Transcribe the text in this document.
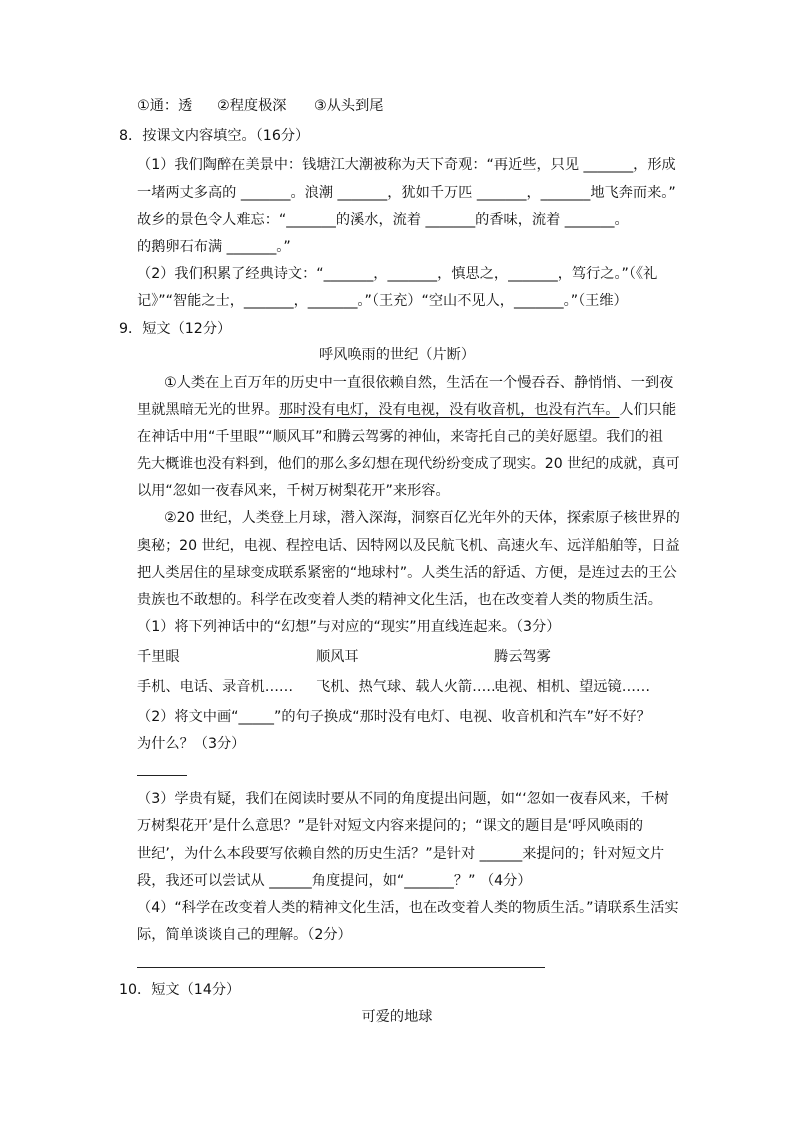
①通：透 ②程度极深 ③从头到尾
8．按课文内容填空。（16分）
（1）我们陶醉在美景中：钱塘江大潮被称为天下奇观：“再近些，只见 _______，形成
一堵两丈多高的 _______。浪潮 _______，犹如千万匹 _______，_______地飞奔而来。”
故乡的景色令人难忘：“_______的溪水，流着 _______的香味，流着 _______。
的鹅卵石布满 _______。”
（2）我们积累了经典诗文：“_______，_______，慎思之，_______，笃行之。”（《礼
记》”“智能之士，_______，_______。”（王充）“空山不见人，_______。”（王维）
9．短文（12分）
呼风唤雨的世纪（片断）
①人类在上百万年的历史中一直很依赖自然，生活在一个慢吞吞、静悄悄、一到夜
里就黑暗无光的世界。那时没有电灯，没有电视，没有收音机，也没有汽车。人们只能
在神话中用“千里眼”“顺风耳”和腾云驾雾的神仙，来寄托自己的美好愿望。我们的祖
先大概谁也没有料到，他们的那么多幻想在现代纷纷变成了现实。20 世纪的成就，真可
以用“忽如一夜春风来，千树万树梨花开”来形容。
②20 世纪，人类登上月球，潜入深海，洞察百亿光年外的天体，探索原子核世界的
奥秘；20 世纪，电视、程控电话、因特网以及民航飞机、高速火车、远洋船舶等，日益
把人类居住的星球变成联系紧密的“地球村”。人类生活的舒适、方便，是连过去的王公
贵族也不敢想的。科学在改变着人类的精神文化生活，也在改变着人类的物质生活。
（1）将下列神话中的“幻想”与对应的“现实”用直线连起来。（3分）
千里眼	顺风耳	腾云驾雾
手机、电话、录音机…… 飞机、热气球、载人火箭……
电视、相机、望远镜……
（2）将文中画“_____”的句子换成“那时没有电灯、电视、收音机和汽车”好不好？
为什么？（3分）
（3）学贵有疑，我们在阅读时要从不同的角度提出问题，如“‘忽如一夜春风来，千树
万树梨花开’是什么意思？”是针对短文内容来提问的；“课文的题目是‘呼风唤雨的
世纪’，为什么本段要写依赖自然的历史生活？”是针对 ______来提问的；针对短文片
段，我还可以尝试从 ______角度提问，如“_______？” （4分）
（4）“科学在改变着人类的精神文化生活，也在改变着人类的物质生活。”请联系生活实
际，简单谈谈自己的理解。（2分）
10．短文（14分）
可爱的地球
